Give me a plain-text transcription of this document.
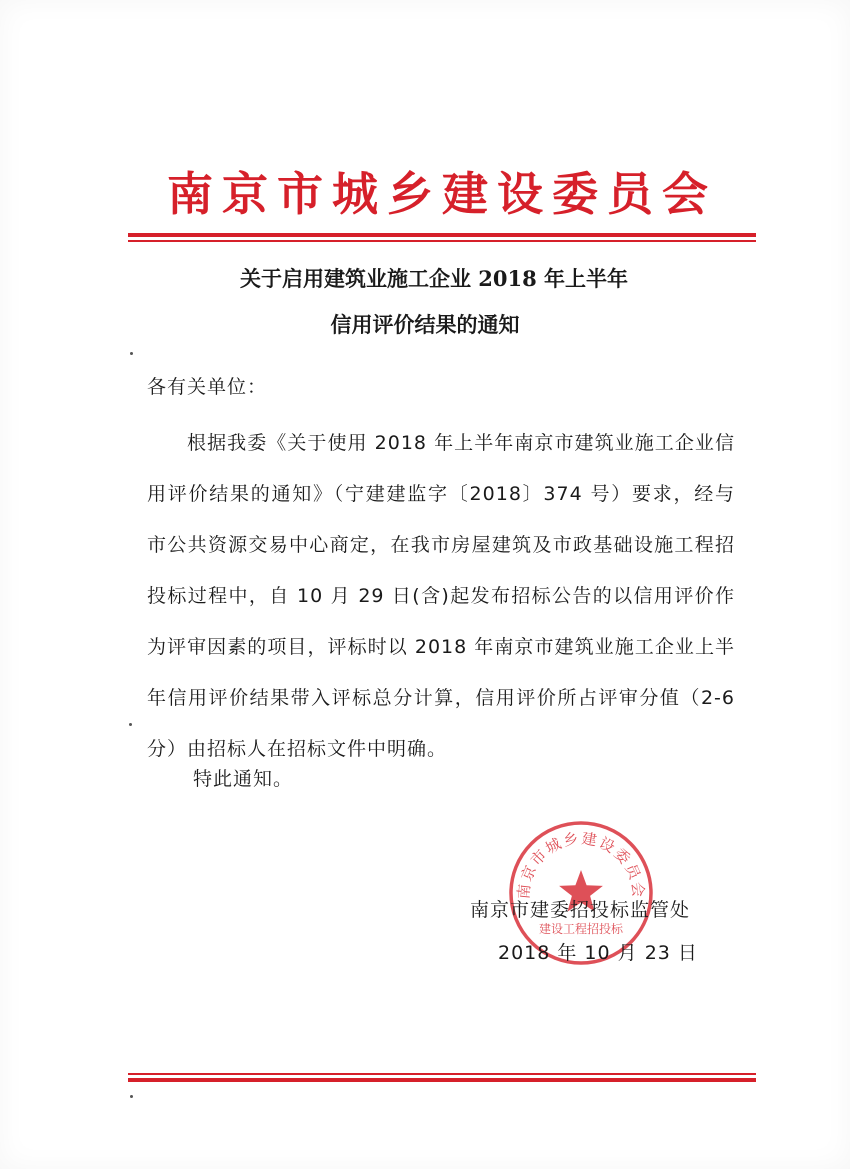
南京市城乡建设委员会
关于启用建筑业施工企业 2018 年上半年
信用评价结果的通知
各有关单位：
根据我委《关于使用 2018 年上半年南京市建筑业施工企业信用评价结果的通知》（宁建建监字〔2018〕374 号）要求，经与市公共资源交易中心商定，在我市房屋建筑及市政基础设施工程招投标过程中，自 10 月 29 日(含)起发布招标公告的以信用评价作为评审因素的项目，评标时以 2018 年南京市建筑业施工企业上半年信用评价结果带入评标总分计算，信用评价所占评审分值（2-6 分）由招标人在招标文件中明确。
特此通知。
南京市城乡建设委员会
建设工程招投标
南京市建委招投标监管处
2018 年 10 月 23 日
